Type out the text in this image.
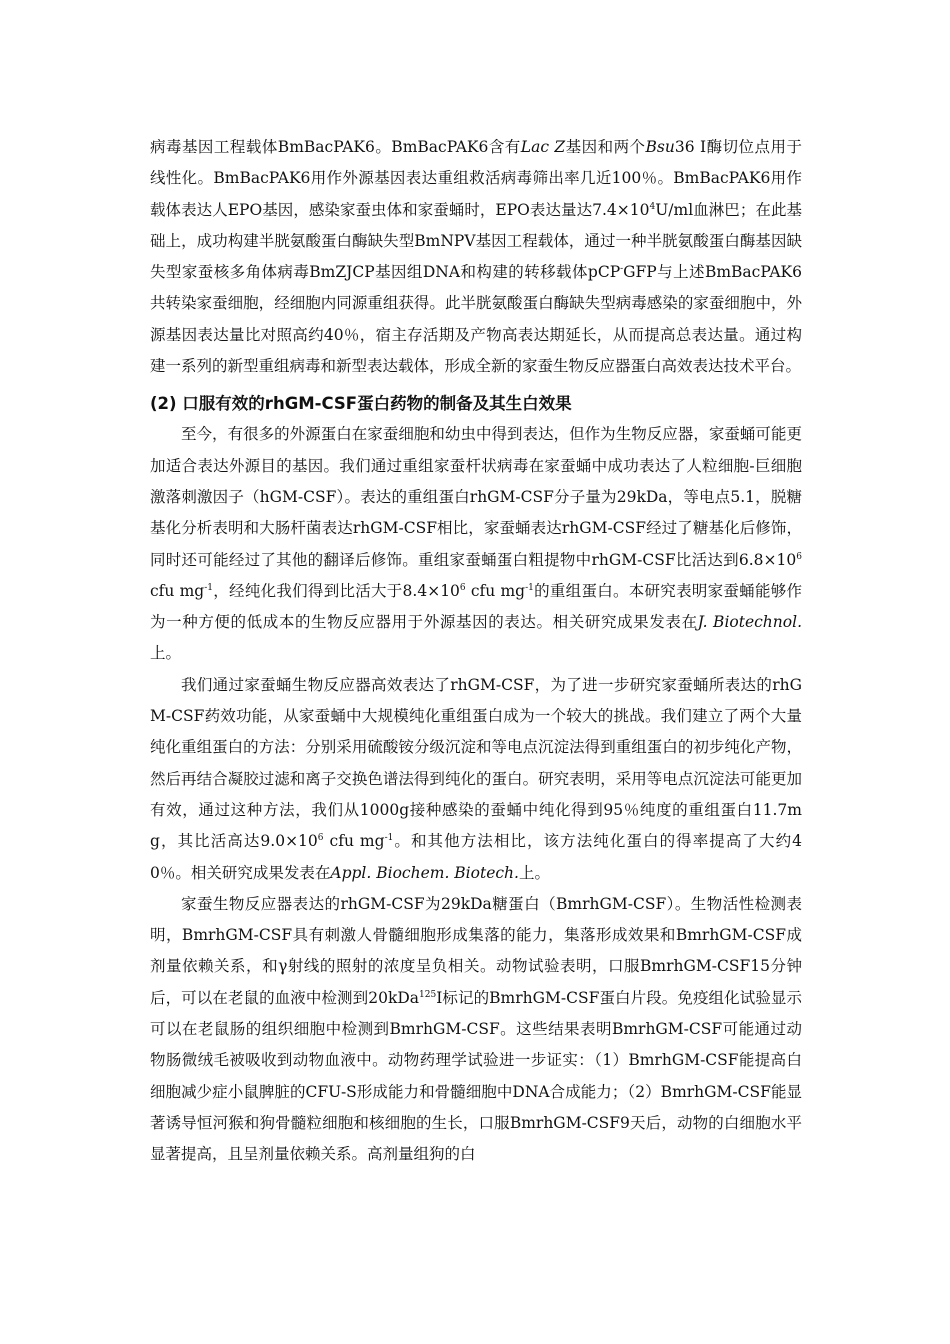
病毒基因工程载体BmBacPAK6。BmBacPAK6含有Lac Z基因和两个Bsu36 I酶切位点用于线性化。BmBacPAK6用作外源基因表达重组救活病毒筛出率几近100％。BmBacPAK6用作载体表达人EPO基因，感染家蚕虫体和家蚕蛹时，EPO表达量达$7.4\times 10^4U/ml$血淋巴；在此基础上，成功构建半胱氨酸蛋白酶缺失型BmNPV基因工程载体，通过一种半胱氨酸蛋白酶基因缺失型家蚕核多角体病毒BmZJCP基因组DNA和构建的转移载体pCP-GFP与上述BmBacPAK6共转染家蚕细胞，经细胞内同源重组获得。此半胱氨酸蛋白酶缺失型病毒感染的家蚕细胞中，外源基因表达量比对照高约40％，宿主存活期及产物高表达期延长，从而提高总表达量。通过构建一系列的新型重组病毒和新型表达载体，形成全新的家蚕生物反应器蛋白高效表达技术平台。

(2) 口服有效的rhGM-CSF蛋白药物的制备及其生白效果

至今，有很多的外源蛋白在家蚕细胞和幼虫中得到表达，但作为生物反应器，家蚕蛹可能更加适合表达外源目的基因。我们通过重组家蚕杆状病毒在家蚕蛹中成功表达了人粒细胞-巨细胞激落刺激因子（hGM-CSF）。表达的重组蛋白rhGM-CSF分子量为29kDa，等电点5.1，脱糖基化分析表明和大肠杆菌表达rhGM-CSF相比，家蚕蛹表达rhGM-CSF经过了糖基化后修饰，同时还可能经过了其他的翻译后修饰。重组家蚕蛹蛋白粗提物中rhGM-CSF比活达到$6.8\times 10^6$ cfu $mg^{-1}$，经纯化我们得到比活大于$8.4\times 10^6$ cfu $mg^{-1}$的重组蛋白。本研究表明家蚕蛹能够作为一种方便的低成本的生物反应器用于外源基因的表达。相关研究成果发表在J. Biotechnol.上。

我们通过家蚕蛹生物反应器高效表达了rhGM-CSF，为了进一步研究家蚕蛹所表达的rhGM-CSF药效功能，从家蚕蛹中大规模纯化重组蛋白成为一个较大的挑战。我们建立了两个大量纯化重组蛋白的方法：分别采用硫酸铵分级沉淀和等电点沉淀法得到重组蛋白的初步纯化产物，然后再结合凝胶过滤和离子交换色谱法得到纯化的蛋白。研究表明，采用等电点沉淀法可能更加有效，通过这种方法，我们从1000g接种感染的蚕蛹中纯化得到95％纯度的重组蛋白11.7mg，其比活高达$9.0\times 10^6$ cfu $mg^{-1}$。和其他方法相比，该方法纯化蛋白的得率提高了大约40％。相关研究成果发表在Appl. Biochem. Biotech.上。

家蚕生物反应器表达的rhGM-CSF为29kDa糖蛋白（BmrhGM-CSF）。生物活性检测表明，BmrhGM-CSF具有刺激人骨髓细胞形成集落的能力，集落形成效果和BmrhGM-CSF成剂量依赖关系，和γ射线的照射的浓度呈负相关。动物试验表明，口服BmrhGM-CSF15分钟后，可以在老鼠的血液中检测到20kDa$^{125}$I标记的BmrhGM-CSF蛋白片段。免疫组化试验显示可以在老鼠肠的组织细胞中检测到BmrhGM-CSF。这些结果表明BmrhGM-CSF可能通过动物肠微绒毛被吸收到动物血液中。动物药理学试验进一步证实：（1）BmrhGM-CSF能提高白细胞减少症小鼠脾脏的CFU-S形成能力和骨髓细胞中DNA合成能力；（2）BmrhGM-CSF能显著诱导恒河猴和狗骨髓粒细胞和核细胞的生长，口服BmrhGM-CSF9天后，动物的白细胞水平显著提高，且呈剂量依赖关系。高剂量组狗的白
